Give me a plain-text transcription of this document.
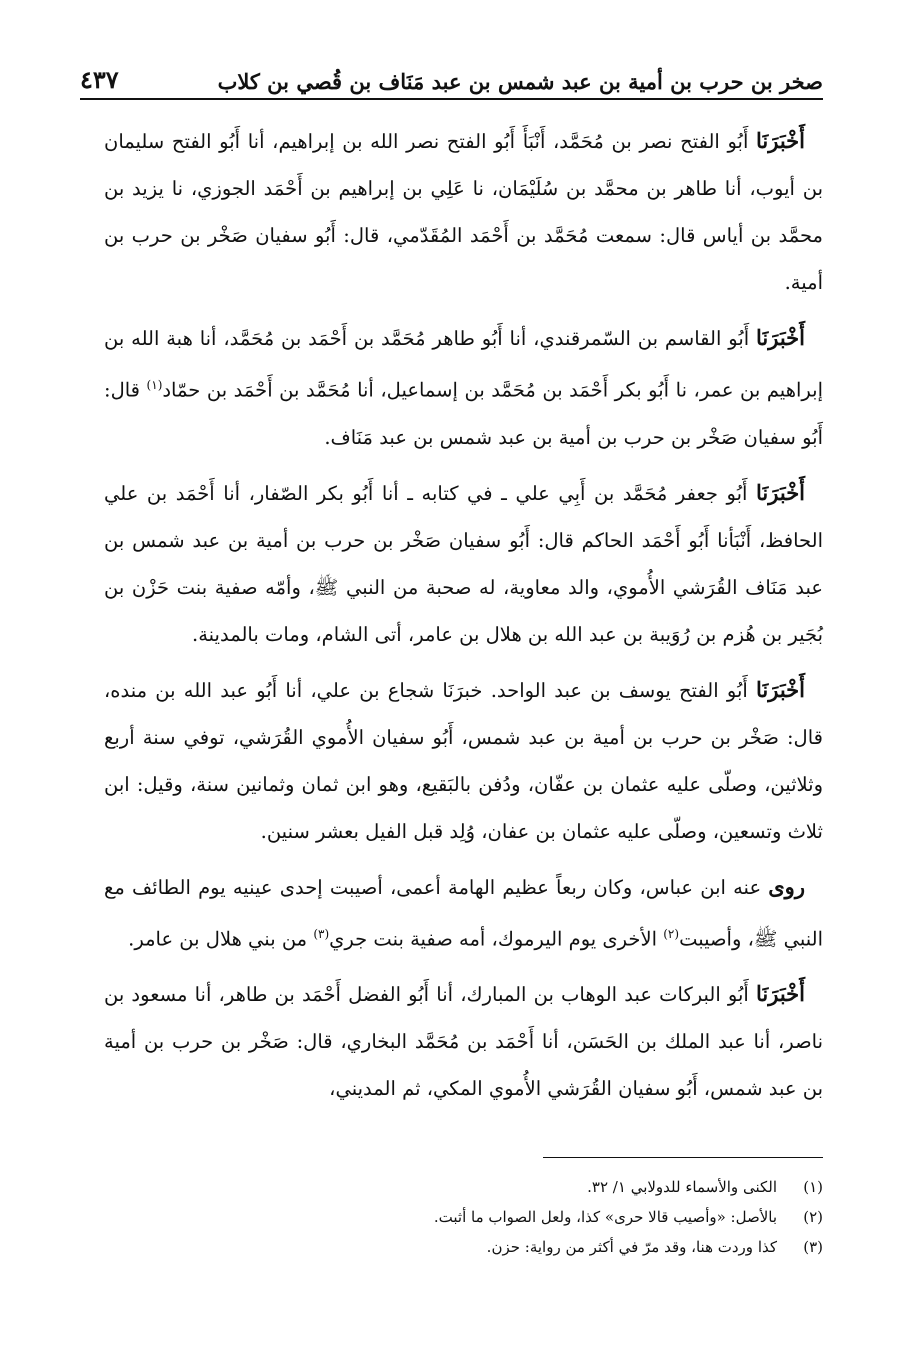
صخر بن حرب بن أمية بن عبد شمس بن عبد مَنَاف بن قُصي بن كلاب
٤٣٧

أَخْبَرَنَا أَبُو الفتح نصر بن مُحَمَّد، أَنْبَأَ أَبُو الفتح نصر الله بن إبراهيم، أنا أَبُو الفتح سليمان بن أيوب، أنا طاهر بن محمَّد بن سُلَيْمَان، نا عَلِي بن إبراهيم بن أَحْمَد الجوزي، نا يزيد بن محمَّد بن أياس قال: سمعت مُحَمَّد بن أَحْمَد المُقَدّمي، قال: أَبُو سفيان صَخْر بن حرب بن أمية.

أَخْبَرَنَا أَبُو القاسم بن السّمرقندي، أنا أَبُو طاهر مُحَمَّد بن أَحْمَد بن مُحَمَّد، أنا هبة الله بن إبراهيم بن عمر، نا أَبُو بكر أَحْمَد بن مُحَمَّد بن إسماعيل، أنا مُحَمَّد بن أَحْمَد بن حمّاد$^{(١)}$ قال: أَبُو سفيان صَخْر بن حرب بن أمية بن عبد شمس بن عبد مَنَاف.

أَخْبَرَنَا أَبُو جعفر مُحَمَّد بن أَبِي علي ـ في كتابه ـ أنا أَبُو بكر الصّفار، أنا أَحْمَد بن علي الحافظ، أَنْبَأنا أَبُو أَحْمَد الحاكم قال: أَبُو سفيان صَخْر بن حرب بن أمية بن عبد شمس بن عبد مَنَاف القُرَشي الأُموي، والد معاوية، له صحبة من النبي ﷺ، وأمّه صفية بنت حَزْن بن بُجَير بن هُزم بن رُوَيبة بن عبد الله بن هلال بن عامر، أتى الشام، ومات بالمدينة.

أَخْبَرَنَا أَبُو الفتح يوسف بن عبد الواحد. خبرَنَا شجاع بن علي، أنا أَبُو عبد الله بن منده، قال: صَخْر بن حرب بن أمية بن عبد شمس، أَبُو سفيان الأُموي القُرَشي، توفي سنة أربع وثلاثين، وصلّى عليه عثمان بن عفّان، ودُفن بالبَقيع، وهو ابن ثمان وثمانين سنة، وقيل: ابن ثلاث وتسعين، وصلّى عليه عثمان بن عفان، وُلِد قبل الفيل بعشر سنين.

روى عنه ابن عباس، وكان ربعاً عظيم الهامة أعمى، أصيبت إحدى عينيه يوم الطائف مع النبي ﷺ، وأصيبت$^{(٢)}$ الأخرى يوم اليرموك، أمه صفية بنت جري$^{(٣)}$ من بني هلال بن عامر.

أَخْبَرَنَا أَبُو البركات عبد الوهاب بن المبارك، أنا أَبُو الفضل أَحْمَد بن طاهر، أنا مسعود بن ناصر، أنا عبد الملك بن الحَسَن، أنا أَحْمَد بن مُحَمَّد البخاري، قال: صَخْر بن حرب بن أمية بن عبد شمس، أَبُو سفيان القُرَشي الأُموي المكي، ثم المديني،

(١)
الكنى والأسماء للدولابي ١/ ٣٢.
(٢)
بالأصل: «وأصيب قالا حرى» كذا، ولعل الصواب ما أثبت.
(٣)
كذا وردت هنا، وقد مرّ في أكثر من رواية: حزن.
